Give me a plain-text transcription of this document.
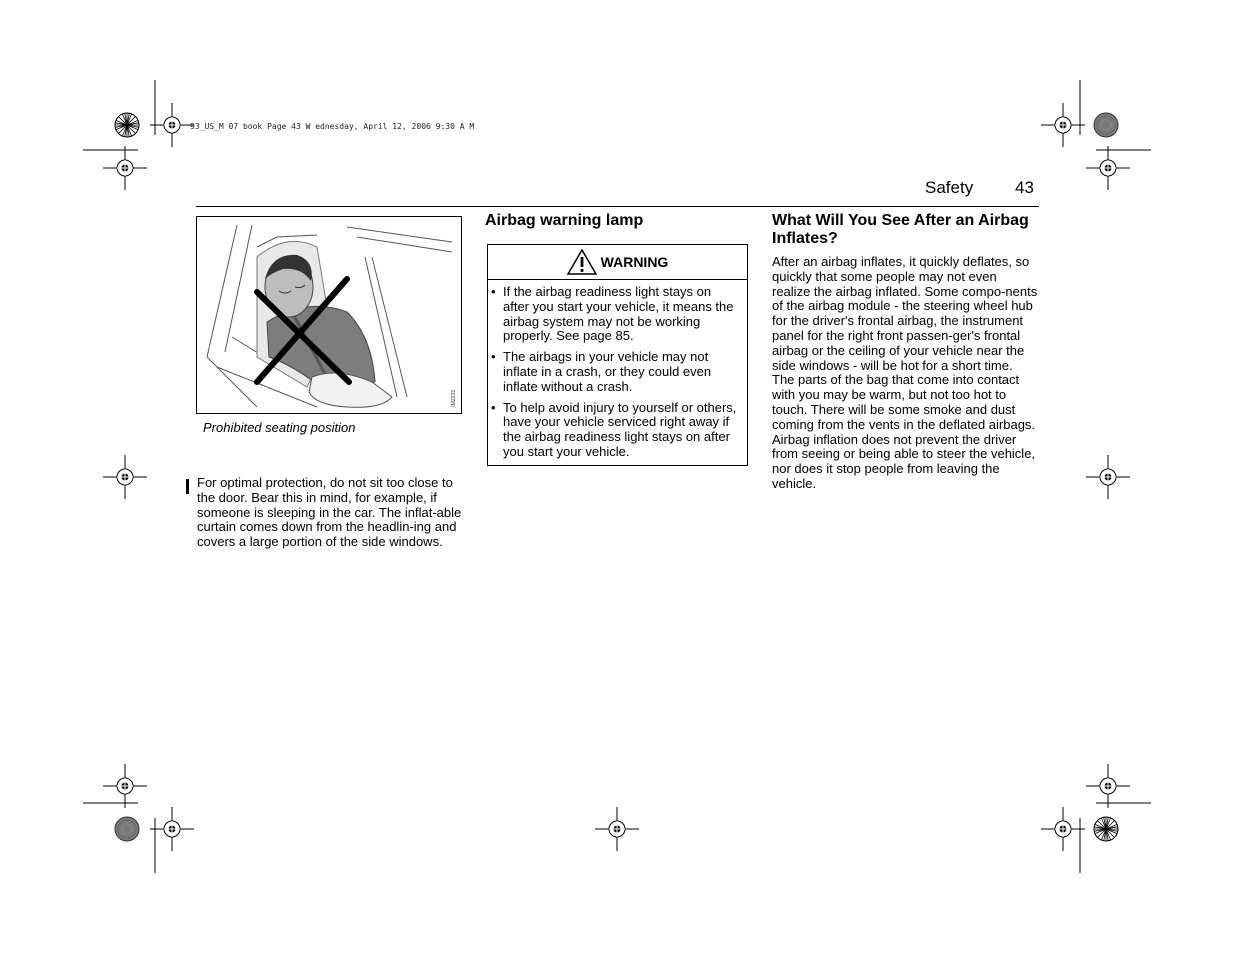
93_US_M 07 book Page 43 W ednesday, April 12, 2006 9:30 A M
Safety 43
IM2233
Prohibited seating position
For optimal protection, do not sit too close to the door. Bear this in mind, for example, if someone is sleeping in the car. The inflat-able curtain comes down from the headlin-ing and covers a large portion of the side windows.
Airbag warning lamp
WARNING
• If the airbag readiness light stays on after you start your vehicle, it means the airbag system may not be working properly. See page 85.
• The airbags in your vehicle may not inflate in a crash, or they could even inflate without a crash.
• To help avoid injury to yourself or others, have your vehicle serviced right away if the airbag readiness light stays on after you start your vehicle.
What Will You See After an Airbag Inflates?
After an airbag inflates, it quickly deflates, so quickly that some people may not even realize the airbag inflated. Some compo-nents of the airbag module - the steering wheel hub for the driver's frontal airbag, the instrument panel for the right front passen-ger's frontal airbag or the ceiling of your vehicle near the side windows - will be hot for a short time. The parts of the bag that come into contact with you may be warm, but not too hot to touch. There will be some smoke and dust coming from the vents in the deflated airbags. Airbag inflation does not prevent the driver from seeing or being able to steer the vehicle, nor does it stop people from leaving the vehicle.
